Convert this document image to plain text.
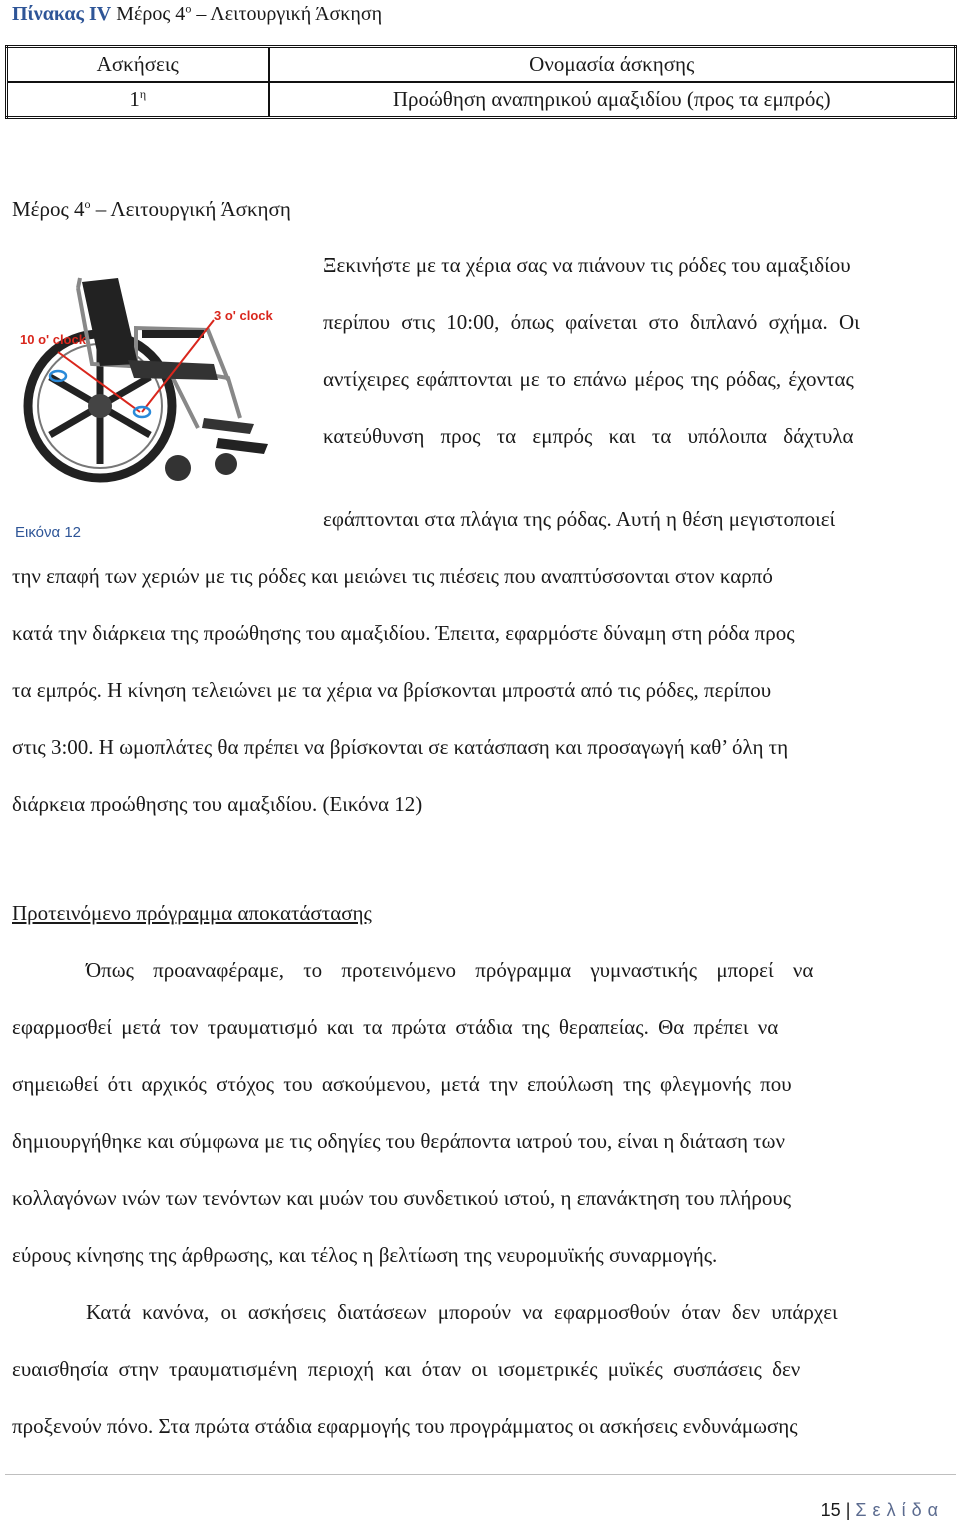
Πίνακας IV Μέρος $4^o$ – Λειτουργική Άσκηση
Ασκήσεις	Ονομασία άσκησης
$1^\eta$	Προώθηση αναπηρικού αμαξιδίου (προς τα εμπρός)
Μέρος $4^o$ – Λειτουργική Άσκηση
10 o' clock
3 o' clock
Εικόνα 12
Ξεκινήστε με τα χέρια σας να πιάνουν τις ρόδες του αμαξιδίου
περίπου στις 10:00, όπως φαίνεται στο διπλανό σχήμα. Οι
αντίχειρες εφάπτονται με το επάνω μέρος της ρόδας, έχοντας
κατεύθυνση προς τα εμπρός και τα υπόλοιπα δάχτυλα
εφάπτονται στα πλάγια της ρόδας. Αυτή η θέση μεγιστοποιεί
την επαφή των χεριών με τις ρόδες και μειώνει τις πιέσεις που αναπτύσσονται στον καρπό
κατά την διάρκεια της προώθησης του αμαξιδίου. Έπειτα, εφαρμόστε δύναμη στη ρόδα προς
τα εμπρός. Η κίνηση τελειώνει με τα χέρια να βρίσκονται μπροστά από τις ρόδες, περίπου
στις 3:00. Η ωμοπλάτες θα πρέπει να βρίσκονται σε κατάσπαση και προσαγωγή καθ’ όλη τη
διάρκεια προώθησης του αμαξιδίου. (Εικόνα 12)
Προτεινόμενο πρόγραμμα αποκατάστασης
Όπως προαναφέραμε, το προτεινόμενο πρόγραμμα γυμναστικής μπορεί να
εφαρμοσθεί μετά τον τραυματισμό και τα πρώτα στάδια της θεραπείας. Θα πρέπει να
σημειωθεί ότι αρχικός στόχος του ασκούμενου, μετά την επούλωση της φλεγμονής που
δημιουργήθηκε και σύμφωνα με τις οδηγίες του θεράποντα ιατρού του, είναι η διάταση των
κολλαγόνων ινών των τενόντων και μυών του συνδετικού ιστού, η επανάκτηση του πλήρους
εύρους κίνησης της άρθρωσης, και τέλος η βελτίωση της νευρομυϊκής συναρμογής.
Κατά κανόνα, οι ασκήσεις διατάσεων μπορούν να εφαρμοσθούν όταν δεν υπάρχει
ευαισθησία στην τραυματισμένη περιοχή και όταν οι ισομετρικές μυϊκές συσπάσεις δεν
προξενούν πόνο. Στα πρώτα στάδια εφαρμογής του προγράμματος οι ασκήσεις ενδυνάμωσης
15 | Σελίδα
